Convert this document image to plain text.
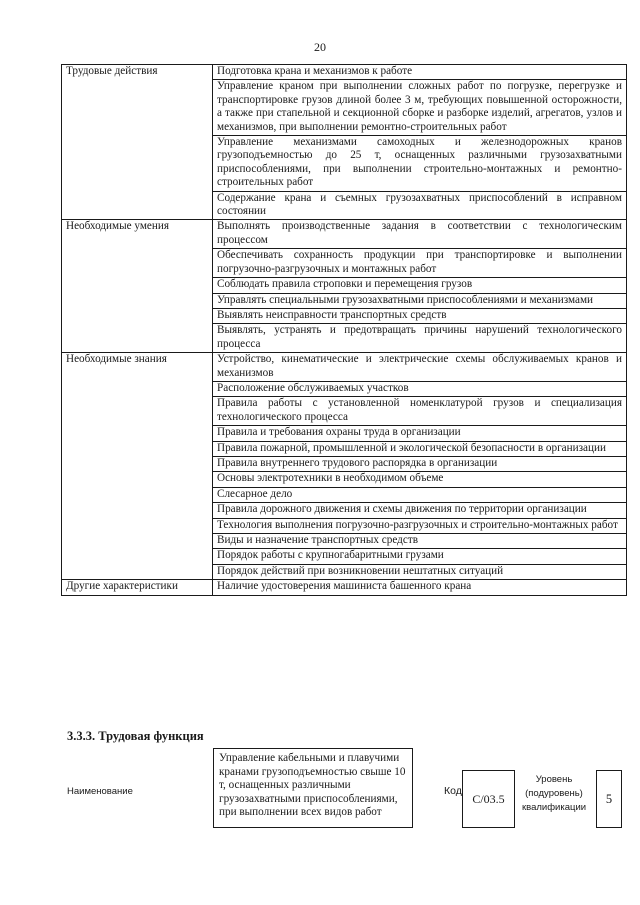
20
Трудовые действия	Подготовка крана и механизмов к работе
	Управление краном при выполнении сложных работ по погрузке, перегрузке и транспортировке грузов длиной более 3 м, требующих повышенной осторожности, а также при стапельной и секционной сборке и разборке изделий, агрегатов, узлов и механизмов, при выполнении ремонтно-строительных работ
	Управление механизмами самоходных и железнодорожных кранов грузоподъемностью до 25 т, оснащенных различными грузозахватными приспособлениями, при выполнении строительно-монтажных и ремонтно-строительных работ
	Содержание крана и съемных грузозахватных приспособлений в исправном состоянии
Необходимые умения	Выполнять производственные задания в соответствии с технологическим процессом
	Обеспечивать сохранность продукции при транспортировке и выполнении погрузочно-разгрузочных и монтажных работ
	Соблюдать правила строповки и перемещения грузов
	Управлять специальными грузозахватными приспособлениями и механизмами
	Выявлять неисправности транспортных средств
	Выявлять, устранять и предотвращать причины нарушений технологического процесса
Необходимые знания	Устройство, кинематические и электрические схемы обслуживаемых кранов и механизмов
	Расположение обслуживаемых участков
	Правила работы с установленной номенклатурой грузов и специализация технологического процесса
	Правила и требования охраны труда в организации
	Правила пожарной, промышленной и экологической безопасности в организации
	Правила внутреннего трудового распорядка в организации
	Основы электротехники в необходимом объеме
	Слесарное дело
	Правила дорожного движения и схемы движения по территории организации
	Технология выполнения погрузочно-разгрузочных и строительно-монтажных работ
	Виды и назначение транспортных средств
	Порядок работы с крупногабаритными грузами
	Порядок действий при возникновении нештатных ситуаций
Другие характеристики	Наличие удостоверения машиниста башенного крана
3.3.3. Трудовая функция
Наименование
Управление кабельными и плавучими кранами грузоподъемностью свыше 10 т, оснащенных различными грузозахватными приспособлениями, при выполнении всех видов работ
Код
C/03.5
Уровень (подуровень) квалификации
5
